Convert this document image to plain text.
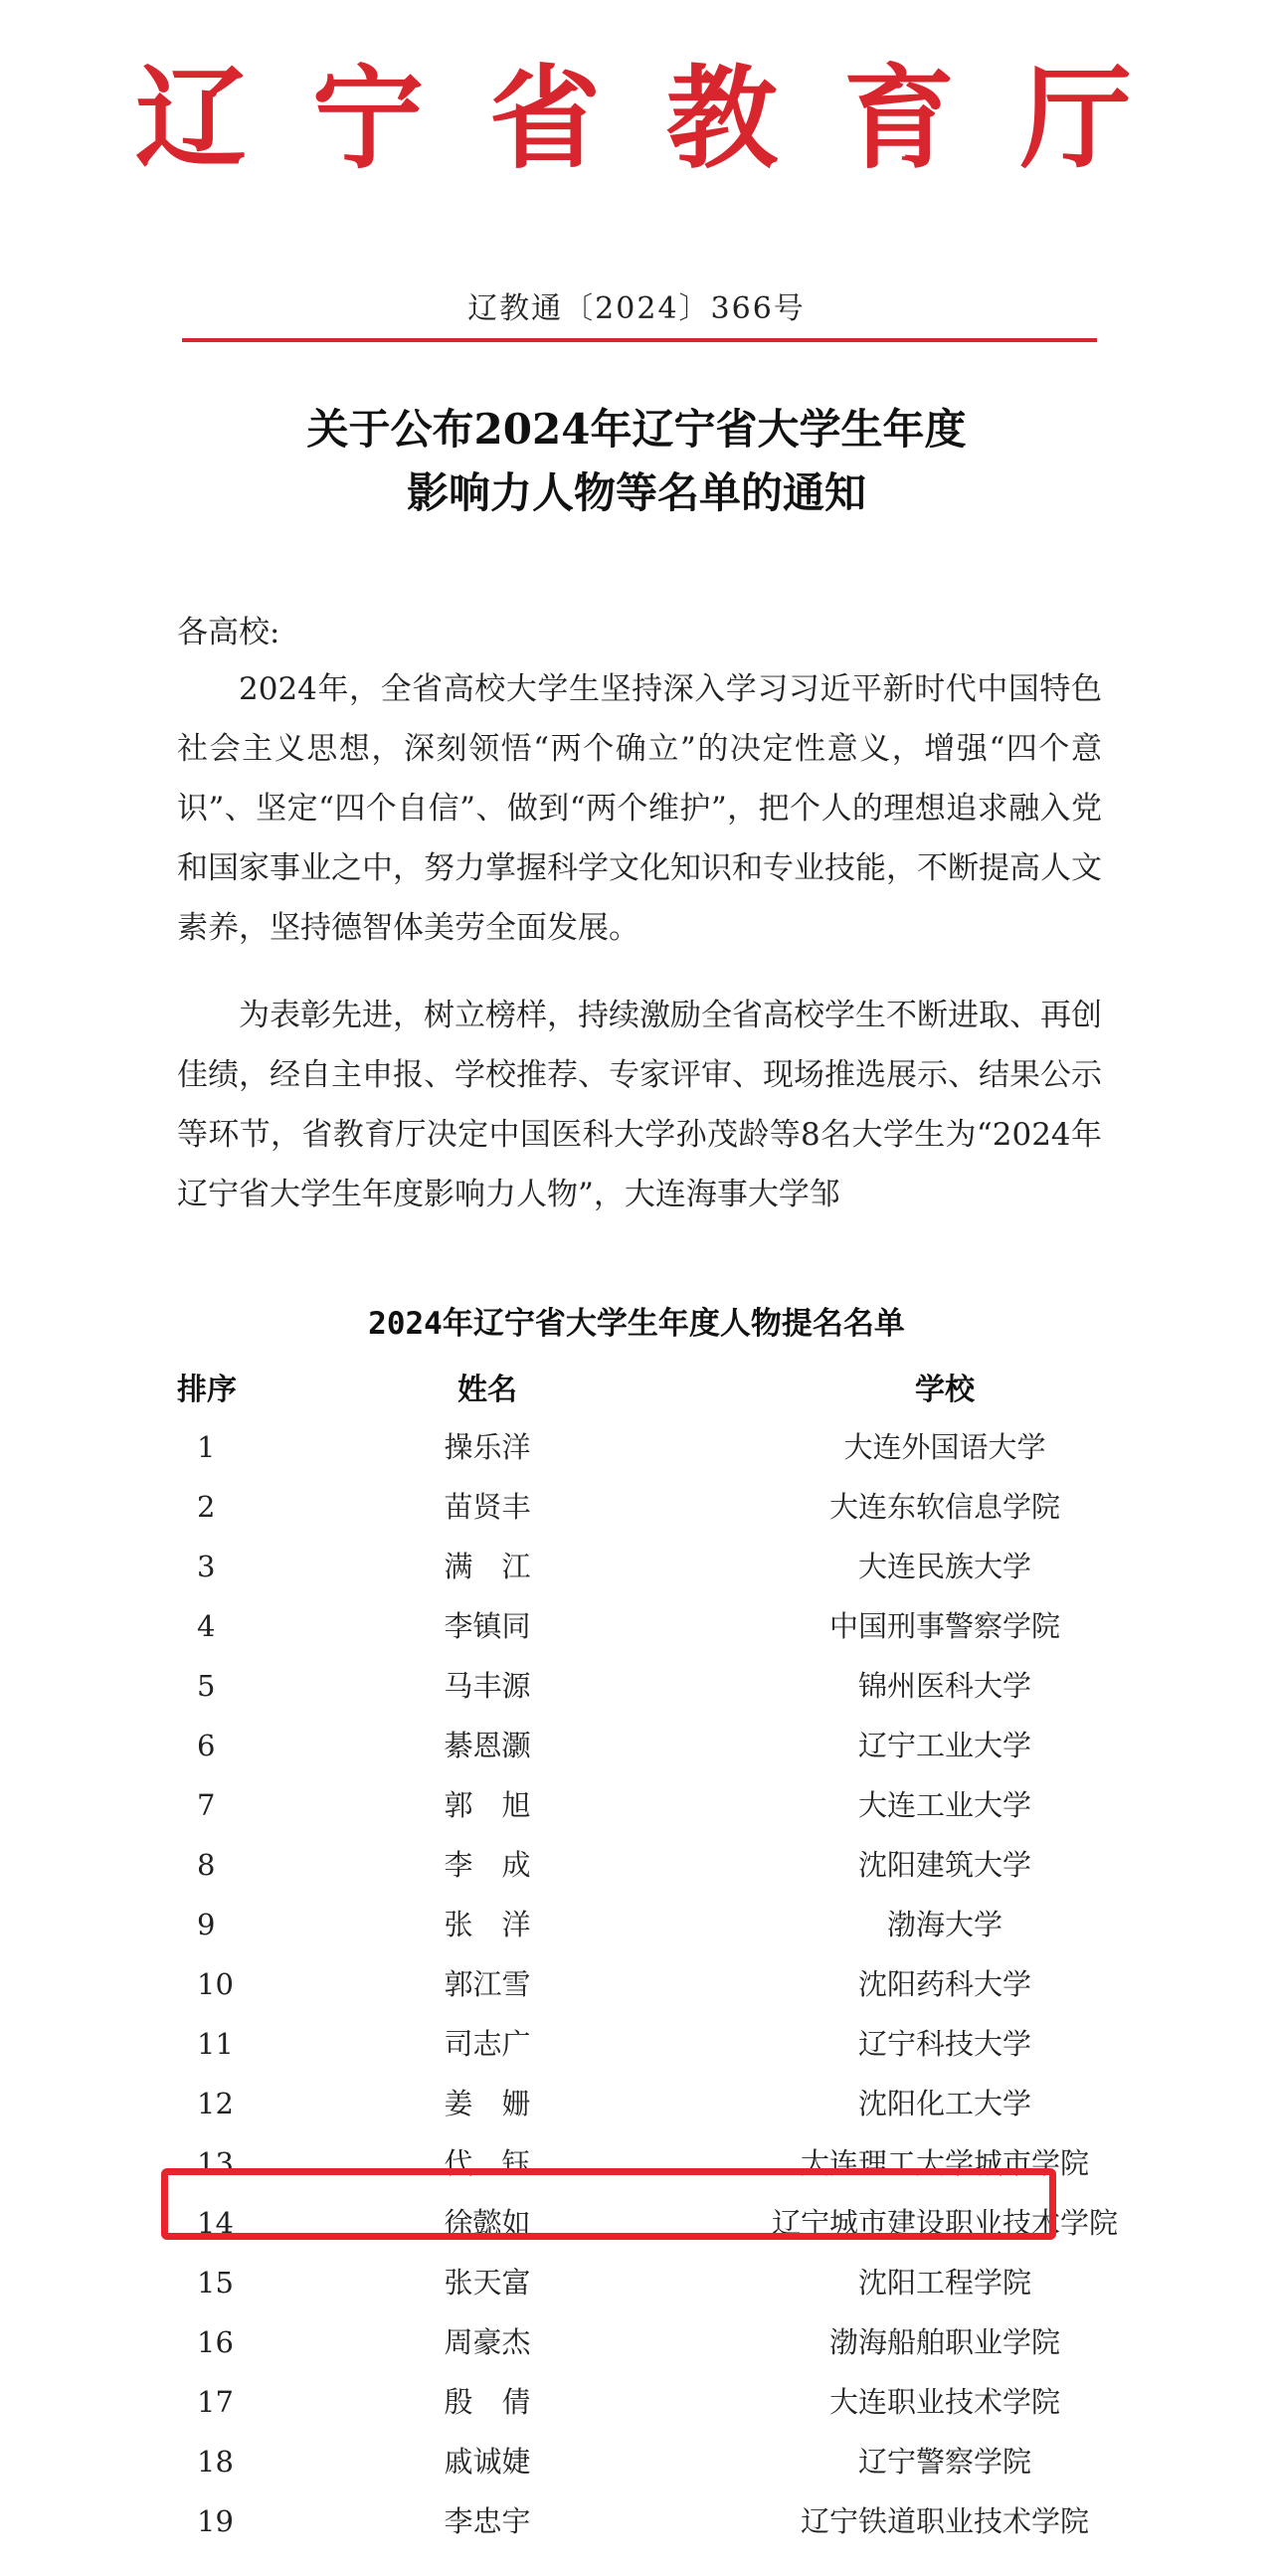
辽宁省教育厅
辽教通〔2024〕366号
关于公布2024年辽宁省大学生年度
影响力人物等名单的通知
各高校:
2024年，全省高校大学生坚持深入学习习近平新时代中国特色社会主义思想，深刻领悟“两个确立”的决定性意义，增强“四个意识”、坚定“四个自信”、做到“两个维护”，把个人的理想追求融入党和国家事业之中，努力掌握科学文化知识和专业技能，不断提高人文素养，坚持德智体美劳全面发展。
为表彰先进，树立榜样，持续激励全省高校学生不断进取、再创佳绩，经自主申报、学校推荐、专家评审、现场推选展示、结果公示等环节，省教育厅决定中国医科大学孙茂龄等8名大学生为“2024年辽宁省大学生年度影响力人物”，大连海事大学邹
2024年辽宁省大学生年度人物提名名单
排序	姓名	学校
1	操乐洋	大连外国语大学
2	苗贤丰	大连东软信息学院
3	满　江	大连民族大学
4	李镇同	中国刑事警察学院
5	马丰源	锦州医科大学
6	綦恩灏	辽宁工业大学
7	郭　旭	大连工业大学
8	李　成	沈阳建筑大学
9	张　洋	渤海大学
10	郭江雪	沈阳药科大学
11	司志广	辽宁科技大学
12	姜　姗	沈阳化工大学
13	代　钰	大连理工大学城市学院
14	徐懿如	辽宁城市建设职业技术学院
15	张天富	沈阳工程学院
16	周豪杰	渤海船舶职业学院
17	殷　倩	大连职业技术学院
18	戚诚婕	辽宁警察学院
19	李忠宇	辽宁铁道职业技术学院
